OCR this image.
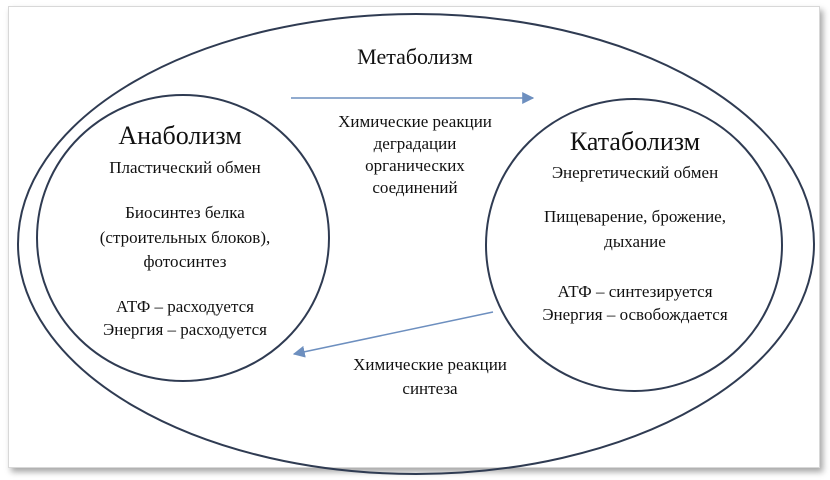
Метаболизм
Анаболизм	Катаболизм
Пластический обмен
Биосинтез белка
(строительных блоков),
фотосинтез
АТФ – расходуется
Энергия – расходуется
Энергетический обмен
Пищеварение, брожение,
дыхание
АТФ – синтезируется
Энергия – освобождается
Химические реакции
деградации
органических
соединений
Химические реакции
синтеза
